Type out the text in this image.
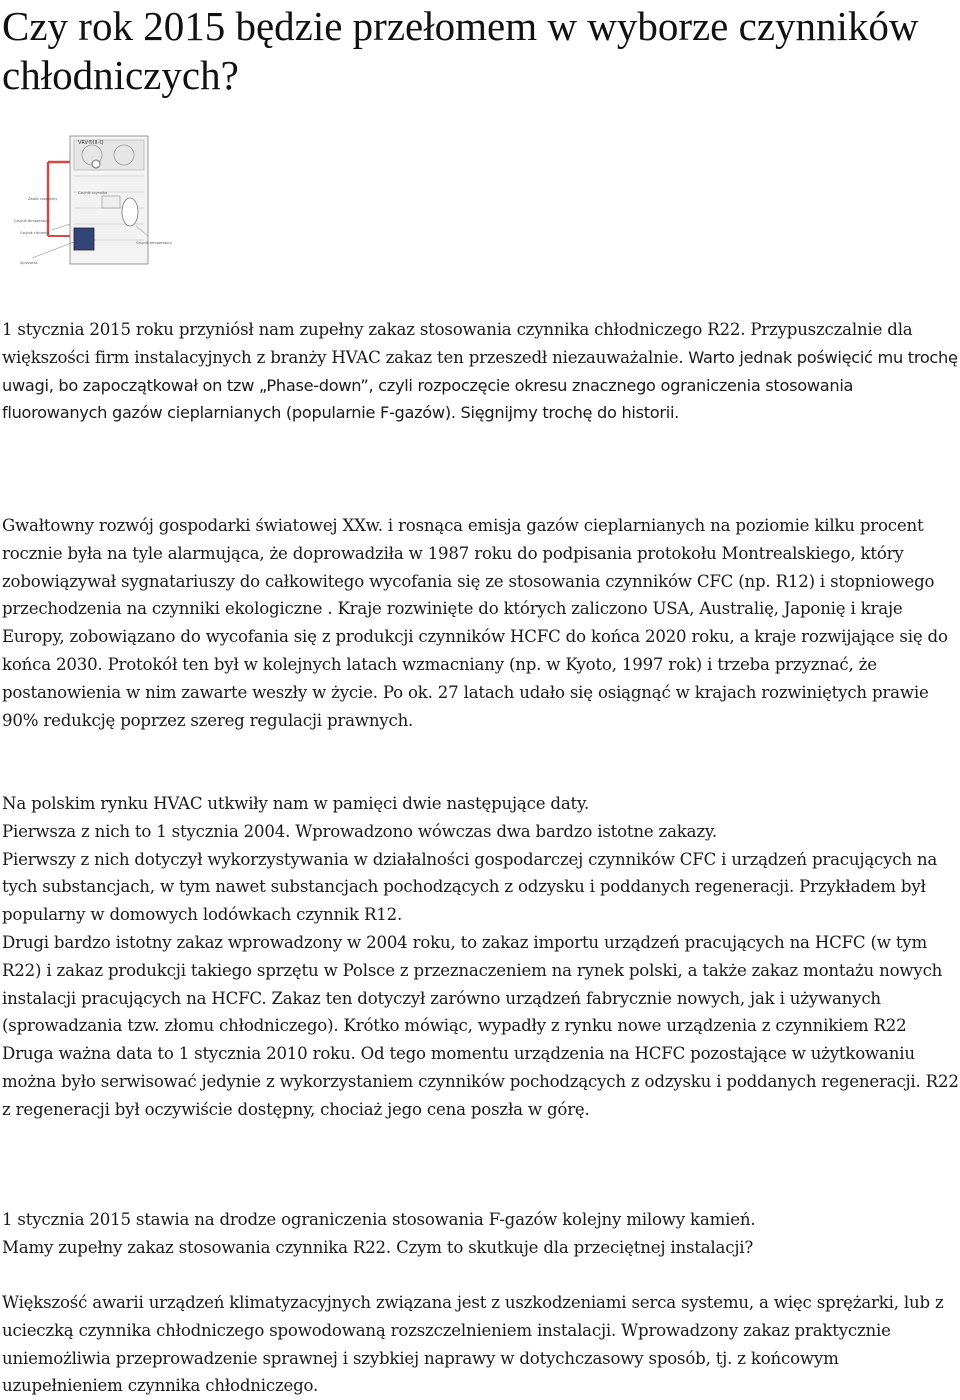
Czy rok 2015 będzie przełomem w wyborze czynników chłodniczych?
VRV®III-Q
Czujnik czynnika
Zawór rozprężny
Czujnik temperatury
Czujnik ciśnienia
Czujnik temperatury
Sprężarka

1 stycznia 2015 roku przyniósł nam zupełny zakaz stosowania czynnika chłodniczego R22. Przypuszczalnie dla większości firm instalacyjnych z branży HVAC zakaz ten przeszedł niezauważalnie. Warto jednak poświęcić mu trochę uwagi, bo zapoczątkował on tzw „Phase-down”, czyli rozpoczęcie okresu znacznego ograniczenia stosowania fluorowanych gazów cieplarnianych (popularnie F-gazów). Sięgnijmy trochę do historii.

Gwałtowny rozwój gospodarki światowej XXw. i rosnąca emisja gazów cieplarnianych na poziomie kilku procent rocznie była na tyle alarmująca, że doprowadziła w 1987 roku do podpisania protokołu Montrealskiego, który zobowiązywał sygnatariuszy do całkowitego wycofania się ze stosowania czynników CFC (np. R12) i stopniowego przechodzenia na czynniki ekologiczne . Kraje rozwinięte do których zaliczono USA, Australię, Japonię i kraje Europy, zobowiązano do wycofania się z produkcji czynników HCFC do końca 2020 roku, a kraje rozwijające się do końca 2030. Protokół ten był w kolejnych latach wzmacniany (np. w Kyoto, 1997 rok) i trzeba przyznać, że postanowienia w nim zawarte weszły w życie. Po ok. 27 latach udało się osiągnąć w krajach rozwiniętych prawie 90% redukcję poprzez szereg regulacji prawnych.

Na polskim rynku HVAC utkwiły nam w pamięci dwie następujące daty.
Pierwsza z nich to 1 stycznia 2004. Wprowadzono wówczas dwa bardzo istotne zakazy.
Pierwszy z nich dotyczył wykorzystywania w działalności gospodarczej czynników CFC i urządzeń pracujących na tych substancjach, w tym nawet substancjach pochodzących z odzysku i poddanych regeneracji. Przykładem był popularny w domowych lodówkach czynnik R12.
Drugi bardzo istotny zakaz wprowadzony w 2004 roku, to zakaz importu urządzeń pracujących na HCFC (w tym R22) i zakaz produkcji takiego sprzętu w Polsce z przeznaczeniem na rynek polski, a także zakaz montażu nowych instalacji pracujących na HCFC. Zakaz ten dotyczył zarówno urządzeń fabrycznie nowych, jak i używanych (sprowadzania tzw. złomu chłodniczego). Krótko mówiąc, wypadły z rynku nowe urządzenia z czynnikiem R22
Druga ważna data to 1 stycznia 2010 roku. Od tego momentu urządzenia na HCFC pozostające w użytkowaniu można było serwisować jedynie z wykorzystaniem czynników pochodzących z odzysku i poddanych regeneracji. R22 z regeneracji był oczywiście dostępny, chociaż jego cena poszła w górę.
1 stycznia 2015 stawia na drodze ograniczenia stosowania F-gazów kolejny milowy kamień.
Mamy zupełny zakaz stosowania czynnika R22. Czym to skutkuje dla przeciętnej instalacji?

Większość awarii urządzeń klimatyzacyjnych związana jest z uszkodzeniami serca systemu, a więc sprężarki, lub z ucieczką czynnika chłodniczego spowodowaną rozszczelnieniem instalacji. Wprowadzony zakaz praktycznie uniemożliwia przeprowadzenie sprawnej i szybkiej naprawy w dotychczasowy sposób, tj. z końcowym uzupełnieniem czynnika chłodniczego.
